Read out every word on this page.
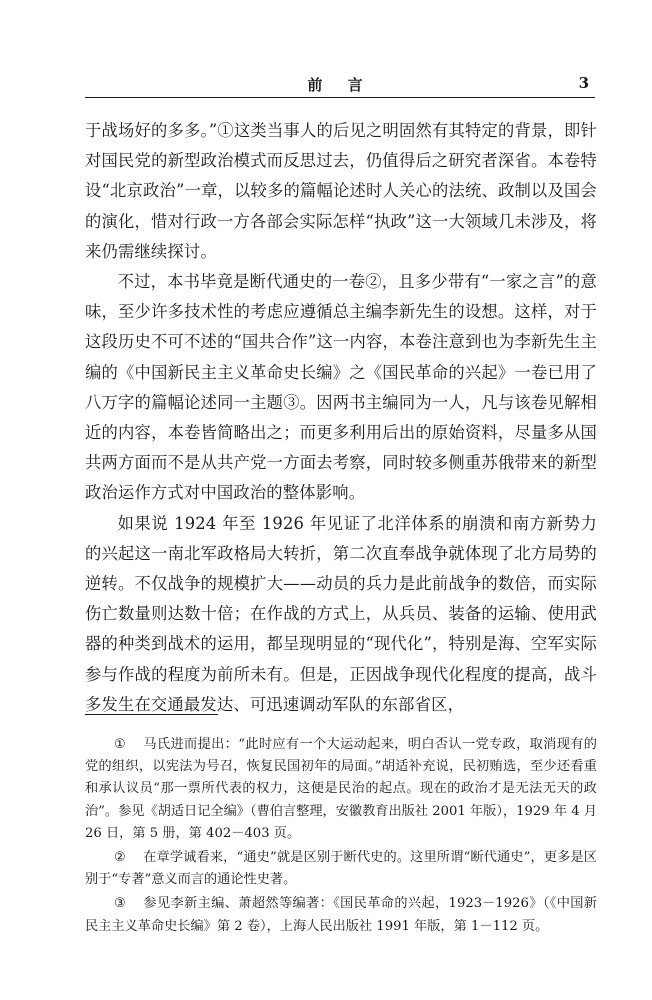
前 言	3

于战场好的多多。”①这类当事人的后见之明固然有其特定的背景，即针对国民党的新型政治模式而反思过去，仍值得后之研究者深省。本卷特设“北京政治”一章，以较多的篇幅论述时人关心的法统、政制以及国会的演化，惜对行政一方各部会实际怎样“执政”这一大领域几未涉及，将来仍需继续探讨。

不过，本书毕竟是断代通史的一卷②，且多少带有“一家之言”的意味，至少许多技术性的考虑应遵循总主编李新先生的设想。这样，对于这段历史不可不述的“国共合作”这一内容，本卷注意到也为李新先生主编的《中国新民主主义革命史长编》之《国民革命的兴起》一卷已用了八万字的篇幅论述同一主题③。因两书主编同为一人，凡与该卷见解相近的内容，本卷皆简略出之；而更多利用后出的原始资料，尽量多从国共两方面而不是从共产党一方面去考察，同时较多侧重苏俄带来的新型政治运作方式对中国政治的整体影响。

如果说 1924 年至 1926 年见证了北洋体系的崩溃和南方新势力的兴起这一南北军政格局大转折，第二次直奉战争就体现了北方局势的逆转。不仅战争的规模扩大——动员的兵力是此前战争的数倍，而实际伤亡数量则达数十倍；在作战的方式上，从兵员、装备的运输、使用武器的种类到战术的运用，都呈现明显的“现代化”，特别是海、空军实际参与作战的程度为前所未有。但是，正因战争现代化程度的提高，战斗多发生在交通最发达、可迅速调动军队的东部省区，

① 马氏进而提出：“此时应有一个大运动起来，明白否认一党专政，取消现有的党的组织，以宪法为号召，恢复民国初年的局面。”胡适补充说，民初贿选，至少还看重和承认议员“那一票所代表的权力，这便是民治的起点。现在的政治才是无法无天的政治”。参见《胡适日记全编》（曹伯言整理，安徽教育出版社 2001 年版），1929 年 4 月 26 日，第 5 册，第 402－403 页。

② 在章学诚看来，“通史”就是区别于断代史的。这里所谓“断代通史”，更多是区别于“专著”意义而言的通论性史著。

③ 参见李新主编、萧超然等编著：《国民革命的兴起，1923－1926》（《中国新民主主义革命史长编》第 2 卷），上海人民出版社 1991 年版，第 1－112 页。
